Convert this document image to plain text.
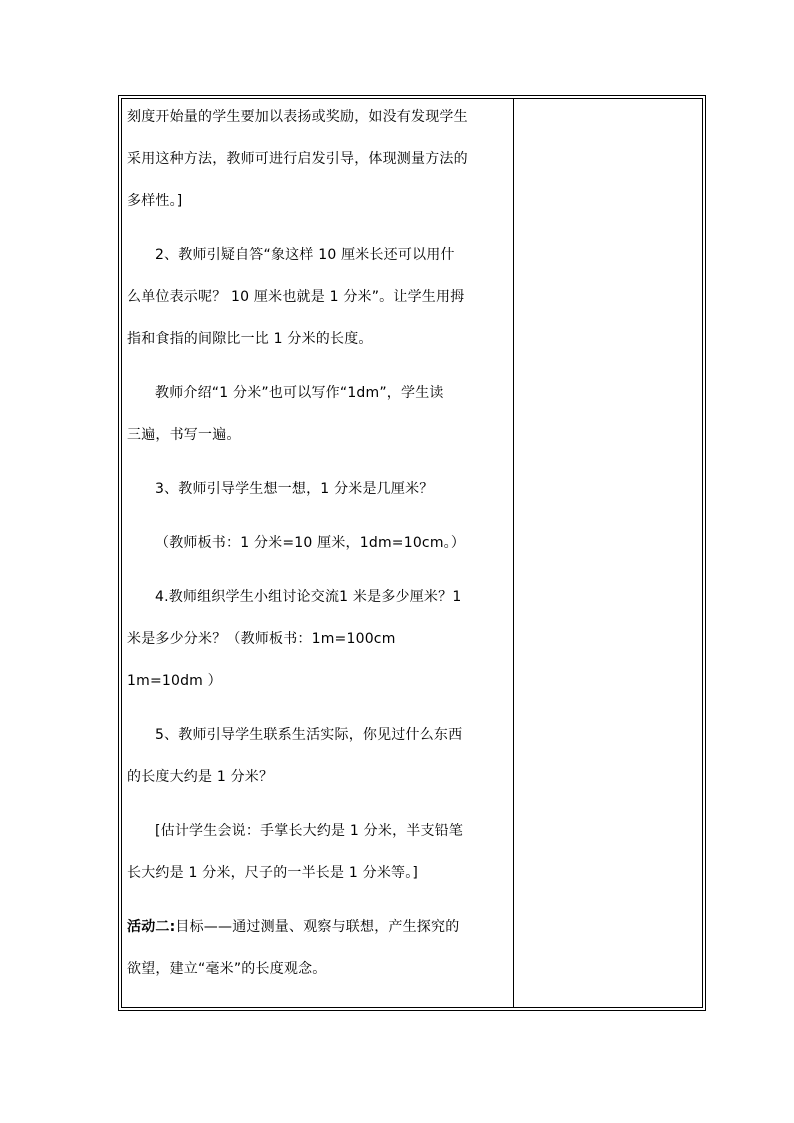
刻度开始量的学生要加以表扬或奖励，如没有发现学生

采用这种方法，教师可进行启发引导，体现测量方法的

多样性。]

2、教师引疑自答“象这样 10 厘米长还可以用什

么单位表示呢？ 10 厘米也就是 1 分米”。让学生用拇

指和食指的间隙比一比 1 分米的长度。

教师介绍“1 分米”也可以写作“1dm”，学生读

三遍，书写一遍。

3、教师引导学生想一想，1 分米是几厘米？

（教师板书：1 分米=10 厘米，1dm=10cm。）

4.教师组织学生小组讨论交流1 米是多少厘米？1

米是多少分米？（教师板书：1m=100cm

1m=10dm ）

5、教师引导学生联系生活实际，你见过什么东西

的长度大约是 1 分米？

[估计学生会说：手掌长大约是 1 分米，半支铅笔

长大约是 1 分米，尺子的一半长是 1 分米等。]

活动二:目标——通过测量、观察与联想，产生探究的

欲望，建立“毫米”的长度观念。
